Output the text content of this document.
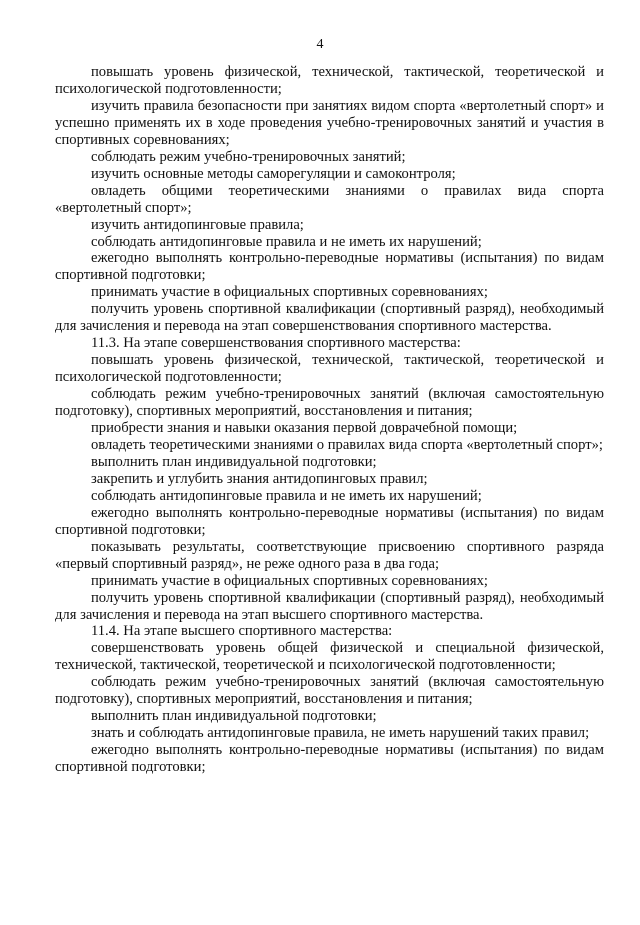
4

повышать уровень физической, технической, тактической, теоретической и психологической подготовленности;

изучить правила безопасности при занятиях видом спорта «вертолетный спорт» и успешно применять их в ходе проведения учебно-тренировочных занятий и участия в спортивных соревнованиях;

соблюдать режим учебно-тренировочных занятий;

изучить основные методы саморегуляции и самоконтроля;

овладеть общими теоретическими знаниями о правилах вида спорта «вертолетный спорт»;

изучить антидопинговые правила;

соблюдать антидопинговые правила и не иметь их нарушений;

ежегодно выполнять контрольно-переводные нормативы (испытания) по видам спортивной подготовки;

принимать участие в официальных спортивных соревнованиях;

получить уровень спортивной квалификации (спортивный разряд), необходимый для зачисления и перевода на этап совершенствования спортивного мастерства.

11.3. На этапе совершенствования спортивного мастерства:

повышать уровень физической, технической, тактической, теоретической и психологической подготовленности;

соблюдать режим учебно-тренировочных занятий (включая самостоятельную подготовку), спортивных мероприятий, восстановления и питания;

приобрести знания и навыки оказания первой доврачебной помощи;

овладеть теоретическими знаниями о правилах вида спорта «вертолетный спорт»;

выполнить план индивидуальной подготовки;

закрепить и углубить знания антидопинговых правил;

соблюдать антидопинговые правила и не иметь их нарушений;

ежегодно выполнять контрольно-переводные нормативы (испытания) по видам спортивной подготовки;

показывать результаты, соответствующие присвоению спортивного разряда «первый спортивный разряд», не реже одного раза в два года;

принимать участие в официальных спортивных соревнованиях;

получить уровень спортивной квалификации (спортивный разряд), необходимый для зачисления и перевода на этап высшего спортивного мастерства.

11.4. На этапе высшего спортивного мастерства:

совершенствовать уровень общей физической и специальной физической, технической, тактической, теоретической и психологической подготовленности;

соблюдать режим учебно-тренировочных занятий (включая самостоятельную подготовку), спортивных мероприятий, восстановления и питания;

выполнить план индивидуальной подготовки;

знать и соблюдать антидопинговые правила, не иметь нарушений таких правил;

ежегодно выполнять контрольно-переводные нормативы (испытания) по видам спортивной подготовки;
